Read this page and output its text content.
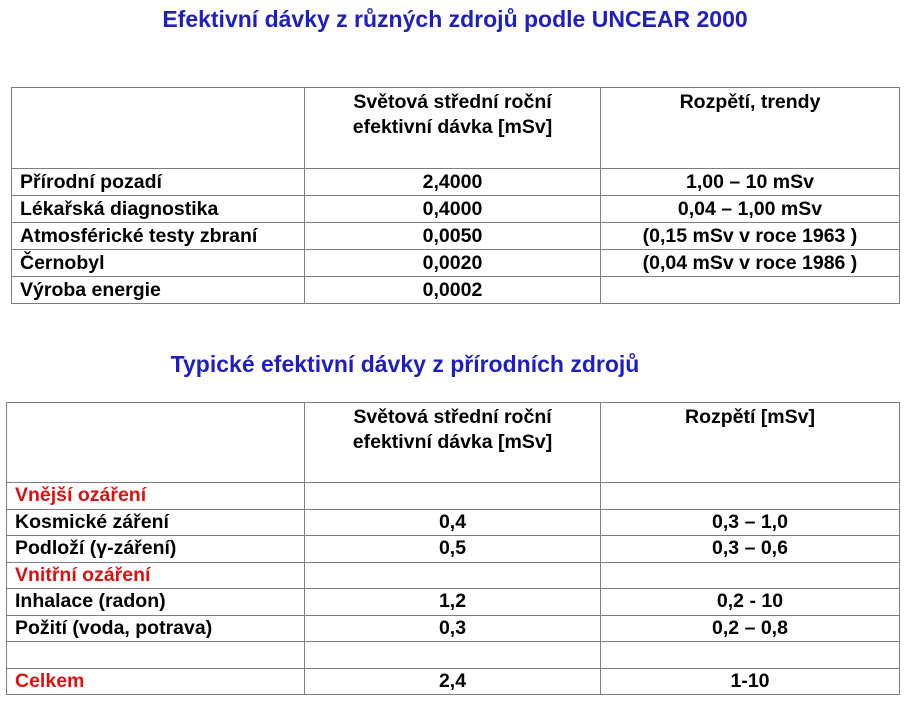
Efektivní dávky z různých zdrojů podle UNCEAR 2000
	Světová střední roční efektivní dávka [mSv]	Rozpětí, trendy
Přírodní pozadí	2,4000	1,00 – 10 mSv
Lékařská diagnostika	0,4000	0,04 – 1,00 mSv
Atmosférické testy zbraní	0,0050	(0,15 mSv v roce 1963 )
Černobyl	0,0020	(0,04 mSv v roce 1986 )
Výroba energie	0,0002	
Typické efektivní dávky z přírodních zdrojů
	Světová střední roční efektivní dávka [mSv]	Rozpětí [mSv]
Vnější ozáření		
Kosmické záření	0,4	0,3 – 1,0
Podloží (γ-záření)	0,5	0,3 – 0,6
Vnitřní ozáření		
Inhalace (radon)	1,2	0,2 - 10
Požití (voda, potrava)	0,3	0,2 – 0,8

Celkem	2,4	1-10
